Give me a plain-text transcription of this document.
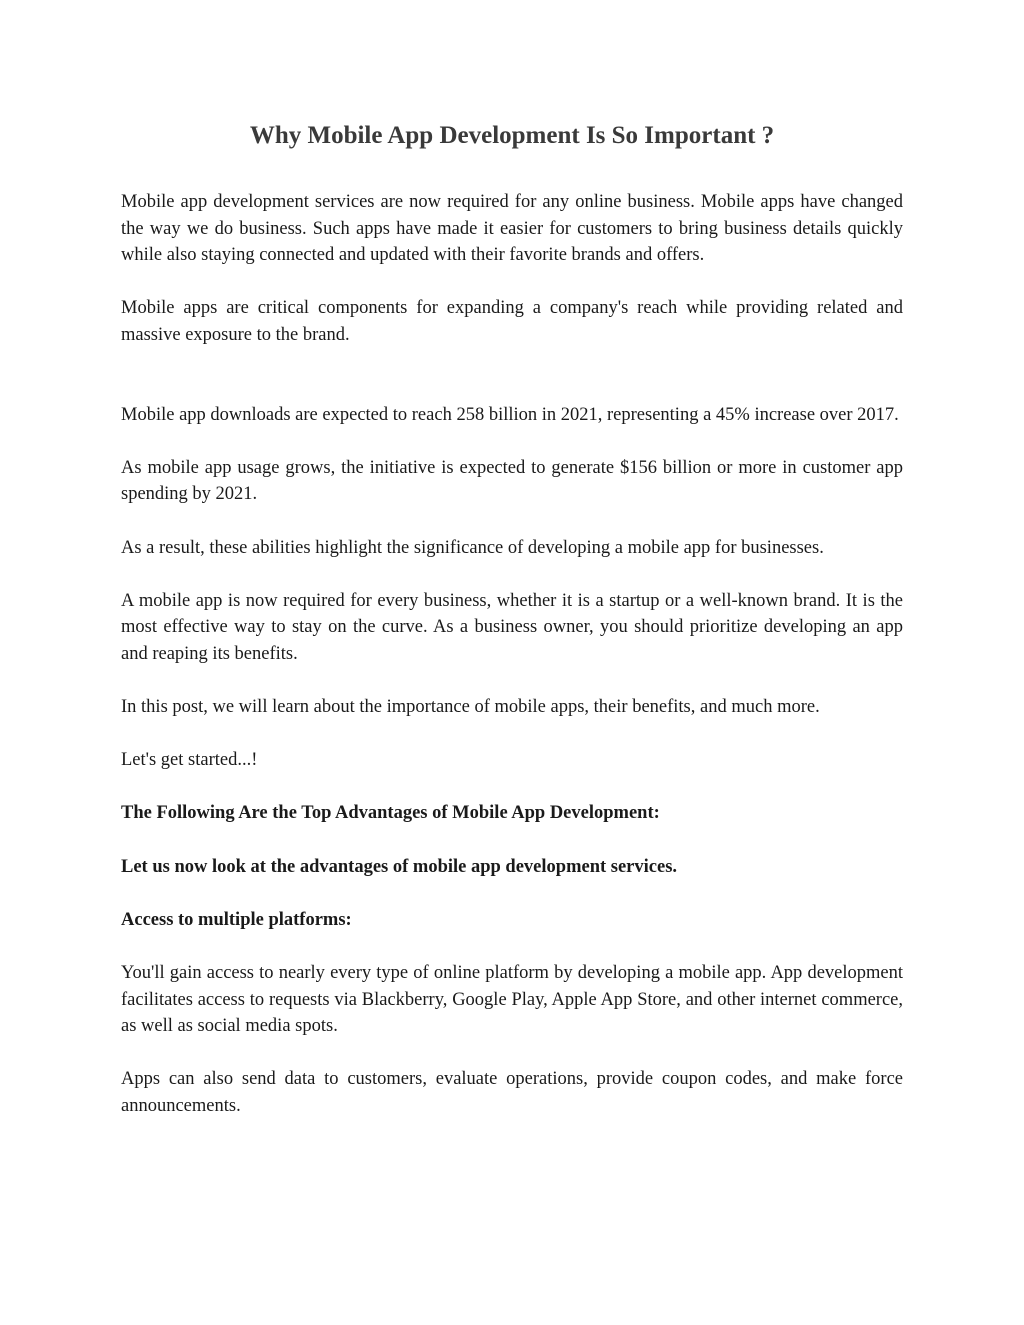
Why Mobile App Development Is So Important ?

Mobile app development services are now required for any online business. Mobile apps have changed the way we do business. Such apps have made it easier for customers to bring business details quickly while also staying connected and updated with their favorite brands and offers.

Mobile apps are critical components for expanding a company's reach while providing related and massive exposure to the brand.

Mobile app downloads are expected to reach 258 billion in 2021, representing a 45% increase over 2017.

As mobile app usage grows, the initiative is expected to generate $156 billion or more in customer app spending by 2021.

As a result, these abilities highlight the significance of developing a mobile app for businesses.

A mobile app is now required for every business, whether it is a startup or a well-known brand. It is the most effective way to stay on the curve. As a business owner, you should prioritize developing an app and reaping its benefits.

In this post, we will learn about the importance of mobile apps, their benefits, and much more.

Let's get started...!

The Following Are the Top Advantages of Mobile App Development:

Let us now look at the advantages of mobile app development services.

Access to multiple platforms:

You'll gain access to nearly every type of online platform by developing a mobile app. App development facilitates access to requests via Blackberry, Google Play, Apple App Store, and other internet commerce, as well as social media spots.

Apps can also send data to customers, evaluate operations, provide coupon codes, and make force announcements.
